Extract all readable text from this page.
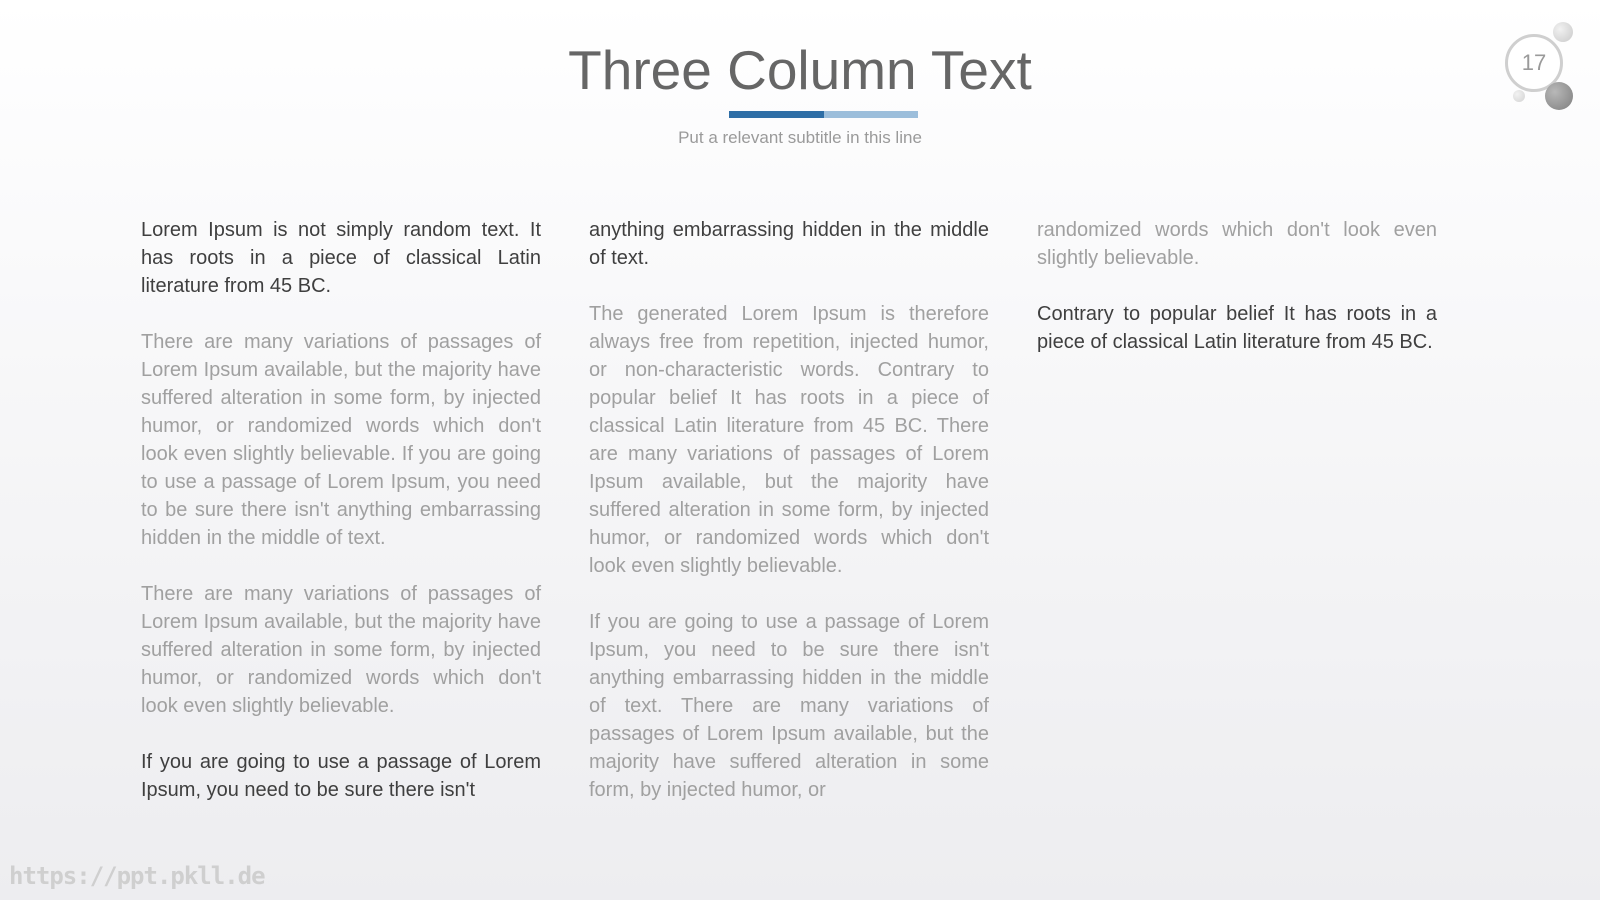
Three Column Text
Put a relevant subtitle in this line
17

Lorem Ipsum is not simply random text. It has roots in a piece of classical Latin literature from 45 BC.

There are many variations of passages of Lorem Ipsum available, but the majority have suffered alteration in some form, by injected humor, or randomized words which don't look even slightly believable. If you are going to use a passage of Lorem Ipsum, you need to be sure there isn't anything embarrassing hidden in the middle of text.

There are many variations of passages of Lorem Ipsum available, but the majority have suffered alteration in some form, by injected humor, or randomized words which don't look even slightly believable.

If you are going to use a passage of Lorem Ipsum, you need to be sure there isn't

anything embarrassing hidden in the middle of text.

The generated Lorem Ipsum is therefore always free from repetition, injected humor, or non-characteristic words. Contrary to popular belief It has roots in a piece of classical Latin literature from 45 BC. There are many variations of passages of Lorem Ipsum available, but the majority have suffered alteration in some form, by injected humor, or randomized words which don't look even slightly believable.

If you are going to use a passage of Lorem Ipsum, you need to be sure there isn't anything embarrassing hidden in the middle of text. There are many variations of passages of Lorem Ipsum available, but the majority have suffered alteration in some form, by injected humor, or

randomized words which don't look even slightly believable.

Contrary to popular belief It has roots in a piece of classical Latin literature from 45 BC.

https://ppt.pkll.de
